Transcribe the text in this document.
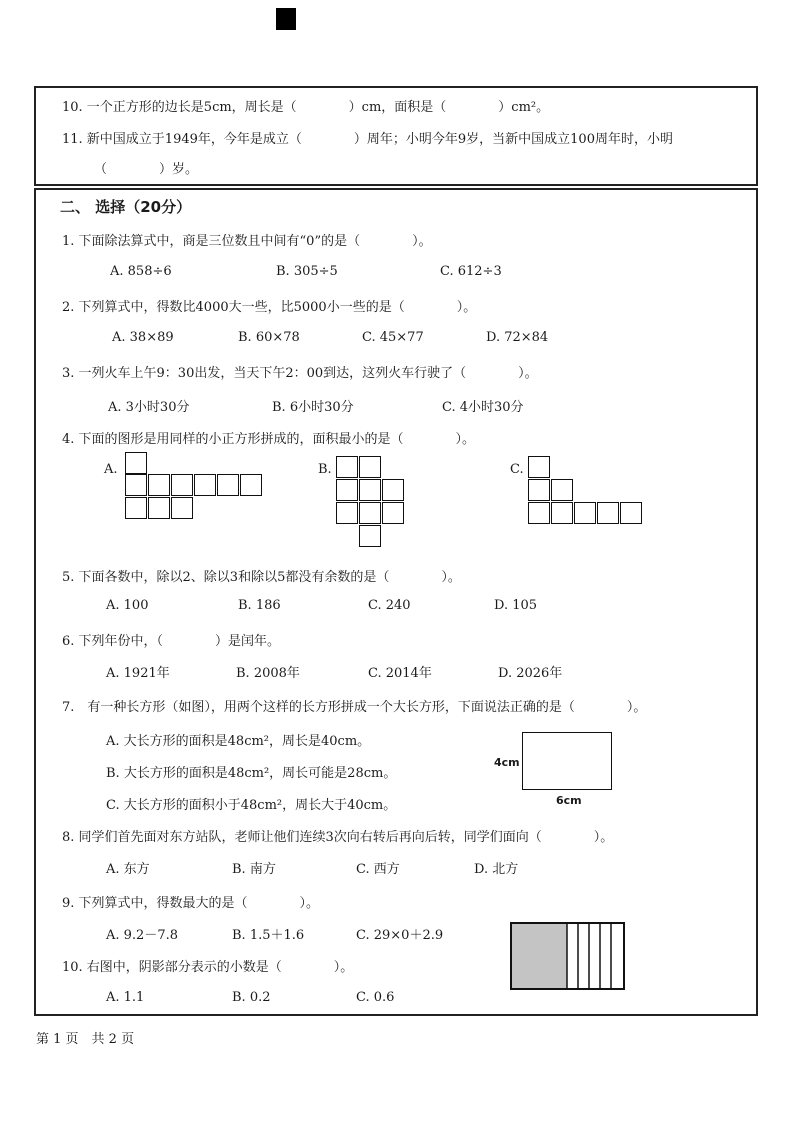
10. 一个正方形的边长是5cm，周长是（　　　　）cm，面积是（　　　　）cm²。
11. 新中国成立于1949年，今年是成立（　　　　）周年；小明今年9岁，当新中国成立100周年时，小明
（　　　　）岁。
二、 选择（20分）
1. 下面除法算式中，商是三位数且中间有“0”的是（　　　　）。
A. 858÷6	B. 305÷5	C. 612÷3
2. 下列算式中，得数比4000大一些，比5000小一些的是（　　　　）。
A. 38×89	B. 60×78	C. 45×77	D. 72×84
3. 一列火车上午9：30出发，当天下午2：00到达，这列火车行驶了（　　　　）。
A. 3小时30分	B. 6小时30分	C. 4小时30分
4. 下面的图形是用同样的小正方形拼成的，面积最小的是（　　　　）。
A.	B.	C.
5. 下面各数中，除以2、除以3和除以5都没有余数的是（　　　　）。
A. 100	B. 186	C. 240	D. 105
6. 下列年份中，（　　　　）是闰年。
A. 1921年	B. 2008年	C. 2014年	D. 2026年
7.　有一种长方形（如图），用两个这样的长方形拼成一个大长方形，下面说法正确的是（　　　　）。
A. 大长方形的面积是48cm²，周长是40cm。
B. 大长方形的面积是48cm²，周长可能是28cm。
C. 大长方形的面积小于48cm²，周长大于40cm。
4cm
6cm
8. 同学们首先面对东方站队，老师让他们连续3次向右转后再向后转，同学们面向（　　　　）。
A. 东方	B. 南方	C. 西方	D. 北方
9. 下列算式中，得数最大的是（　　　　）。
A. 9.2－7.8	B. 1.5＋1.6	C. 29×0＋2.9
10. 右图中，阴影部分表示的小数是（　　　　）。
A. 1.1	B. 0.2	C. 0.6
第 1 页　共 2 页
